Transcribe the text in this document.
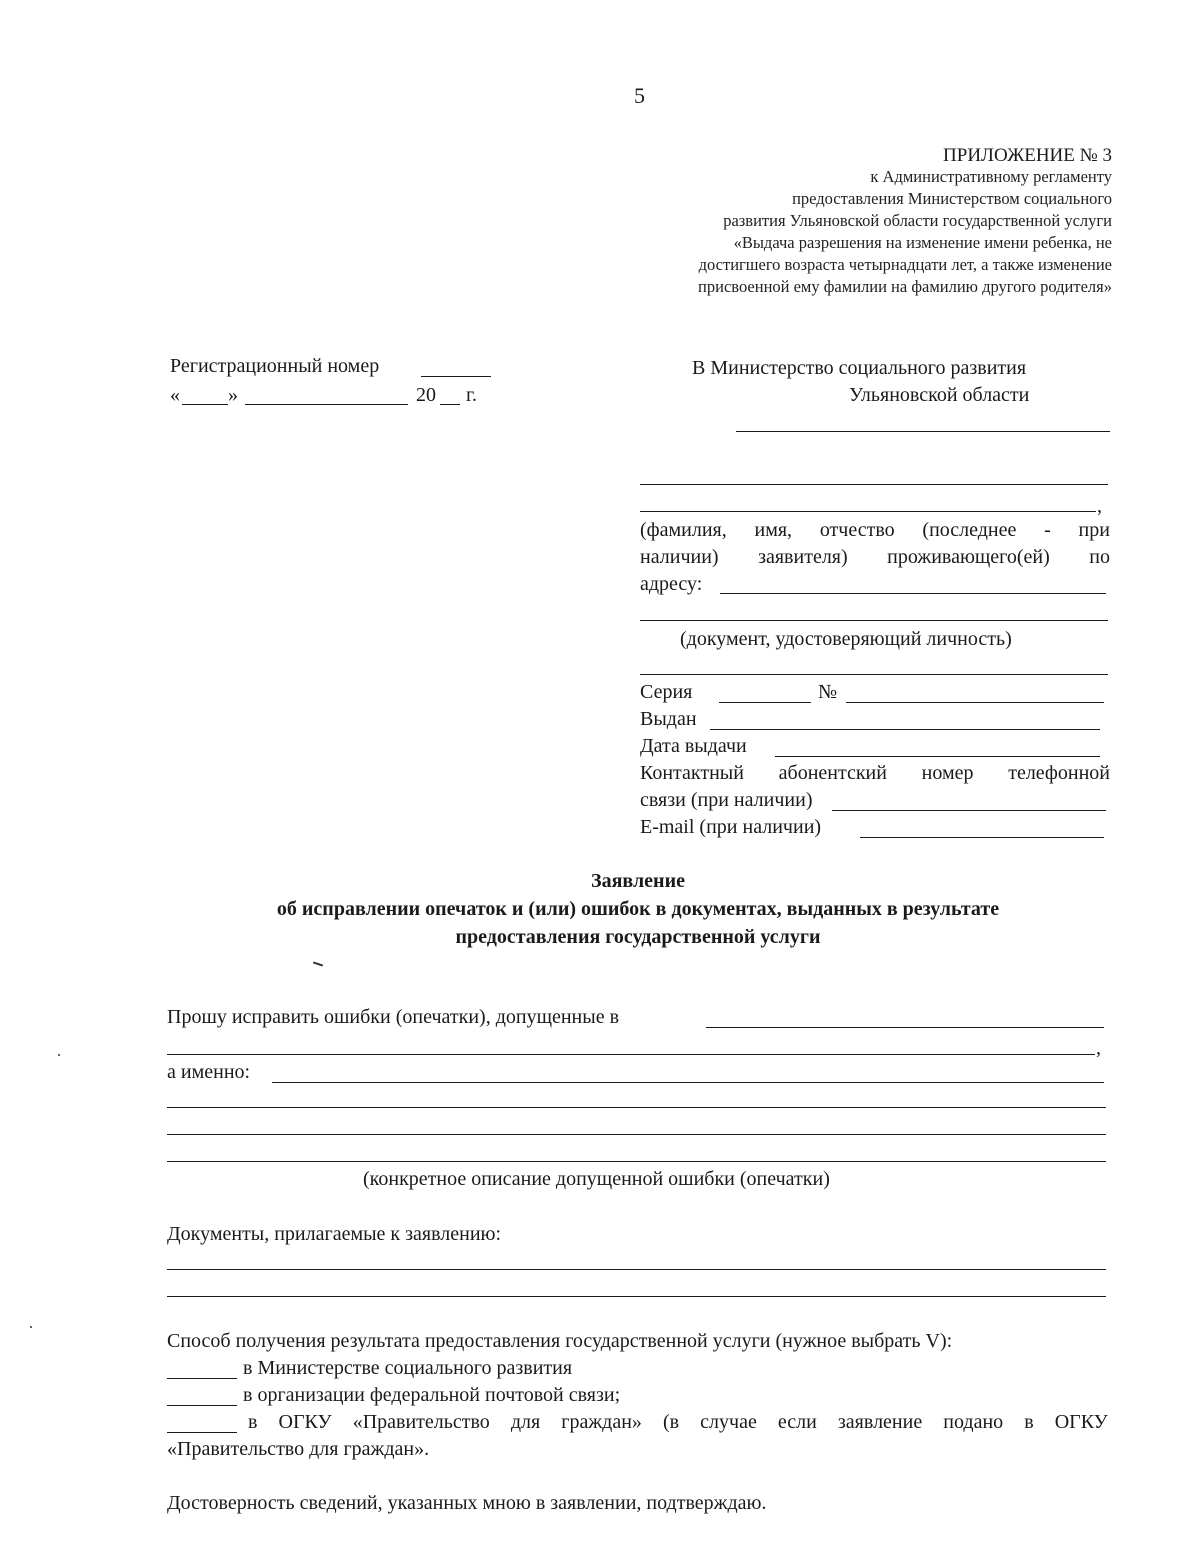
5
ПРИЛОЖЕНИЕ № 3
к Административному регламенту
предоставления Министерством социального
развития Ульяновской области государственной услуги
«Выдача разрешения на изменение имени ребенка, не
достигшего возраста четырнадцати лет, а также изменение
присвоенной ему фамилии на фамилию другого родителя»
Регистрационный номер
« »	20 г.
В Министерство социального развития
Ульяновской области
,
(фамилия, имя, отчество (последнее - при
наличии) заявителя) проживающего(ей) по
адресу:
(документ, удостоверяющий личность)
Серия	№
Выдан
Дата выдачи
Контактный абонентский номер телефонной
связи (при наличии)
E-mail (при наличии)
Заявление
об исправлении опечаток и (или) ошибок в документах, выданных в результате
предоставления государственной услуги
Прошу исправить ошибки (опечатки), допущенные в
,
а именно:
(конкретное описание допущенной ошибки (опечатки)
Документы, прилагаемые к заявлению:
Способ получения результата предоставления государственной услуги (нужное выбрать V):
в Министерстве социального развития
в организации федеральной почтовой связи;
в ОГКУ «Правительство для граждан» (в случае если заявление подано в ОГКУ
«Правительство для граждан».
Достоверность сведений, указанных мною в заявлении, подтверждаю.
